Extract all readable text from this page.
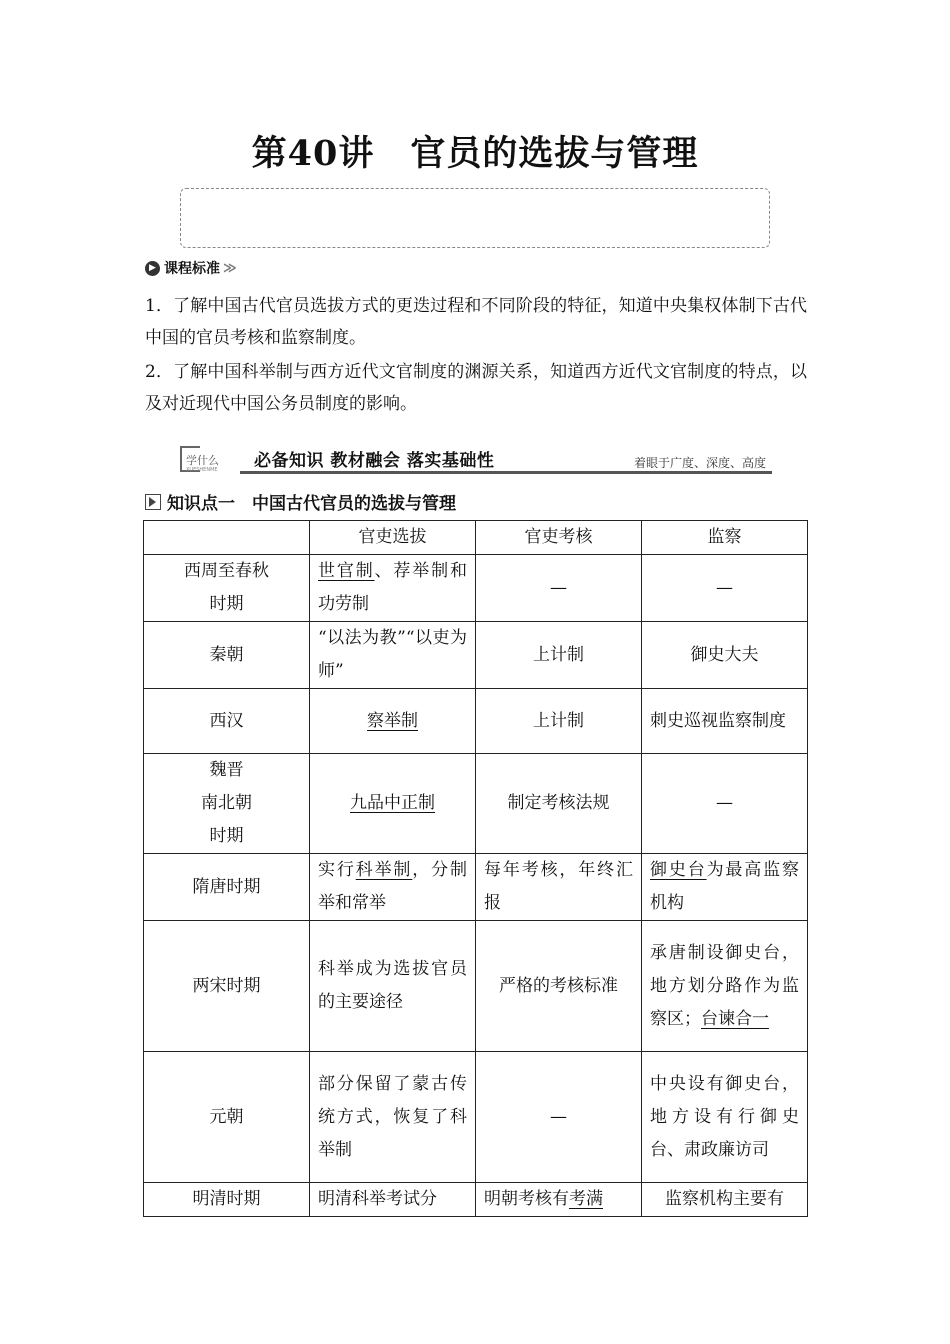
第40讲　官员的选拔与管理
▶ 课程标准 ≫
1．了解中国古代官员选拔方式的更迭过程和不同阶段的特征，知道中央集权体制下古代中国的官员考核和监察制度。
2．了解中国科举制与西方近代文官制度的渊源关系，知道西方近代文官制度的特点，以及对近现代中国公务员制度的影响。
学什么
XUESHENME 必备知识 教材融会 落实基础性	着眼于广度、深度、高度
知识点一　中国古代官员的选拔与管理
	官吏选拔	官吏考核	监察
西周至春秋时期	世官制、荐举制和功劳制	—	—
秦朝	“以法为教”“以吏为师”	上计制	御史大夫
西汉	察举制	上计制	刺史巡视监察制度

魏晋
南北朝
时期	九品中正制	制定考核法规	—
隋唐时期	实行科举制，分制举和常举	每年考核，年终汇报	御史台为最高监察机构
两宋时期	科举成为选拔官员的主要途径	严格的考核标准	承唐制设御史台，地方划分路作为监察区；台谏合一
元朝	部分保留了蒙古传统方式，恢复了科举制	—	中央设有御史台，地方设有行御史台、肃政廉访司
明清时期	明清科举考试分	明朝考核有考满	监察机构主要有
